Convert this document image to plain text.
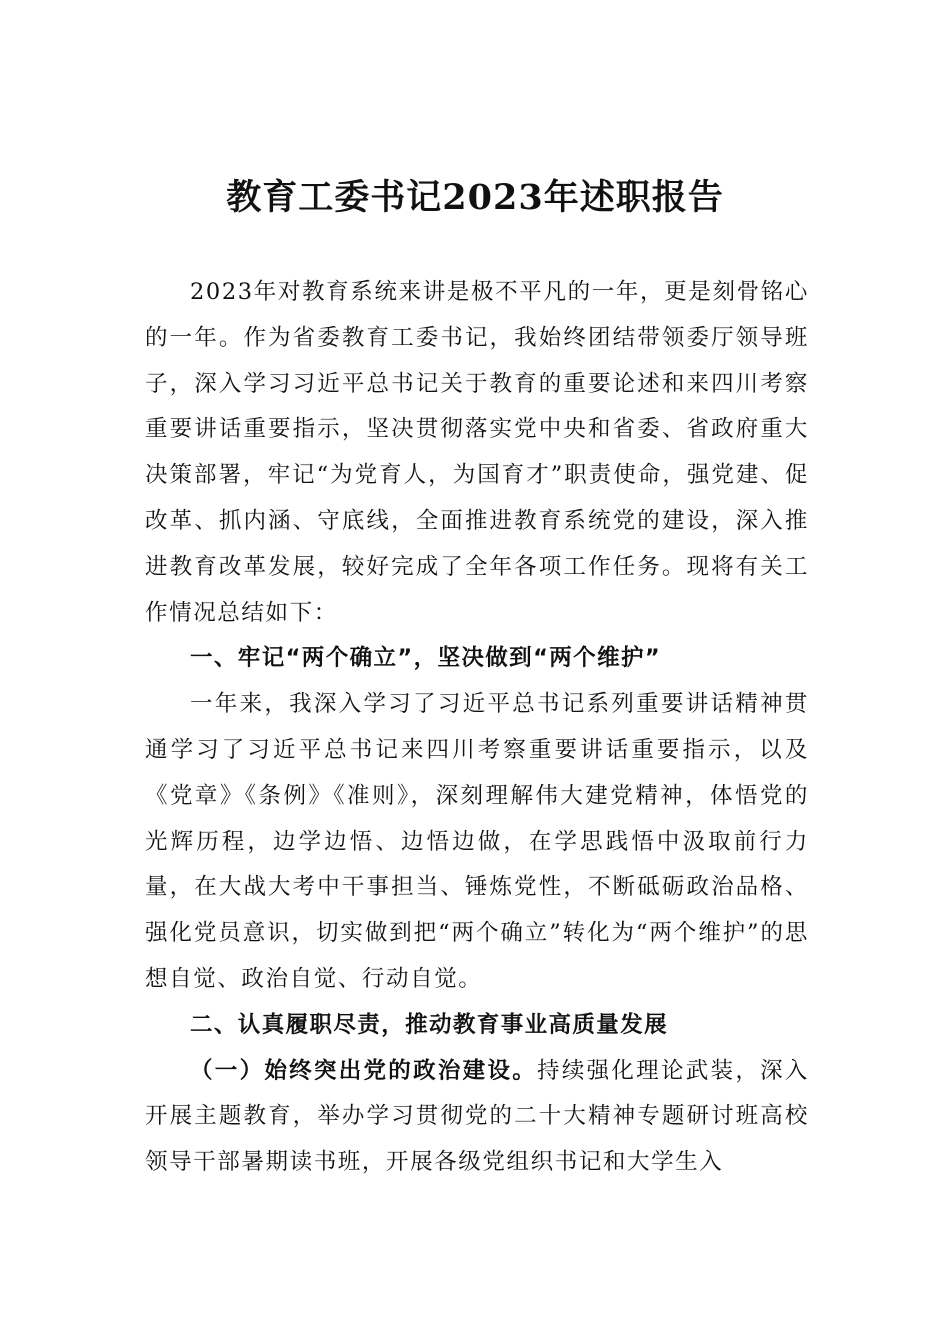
教育工委书记2023年述职报告

2023年对教育系统来讲是极不平凡的一年，更是刻骨铭心的一年。作为省委教育工委书记，我始终团结带领委厅领导班子，深入学习习近平总书记关于教育的重要论述和来四川考察重要讲话重要指示，坚决贯彻落实党中央和省委、省政府重大决策部署，牢记“为党育人，为国育才”职责使命，强党建、促改革、抓内涵、守底线，全面推进教育系统党的建设，深入推进教育改革发展，较好完成了全年各项工作任务。现将有关工作情况总结如下：

一、牢记“两个确立”，坚决做到“两个维护”

一年来，我深入学习了习近平总书记系列重要讲话精神贯通学习了习近平总书记来四川考察重要讲话重要指示，以及《党章》《条例》《准则》，深刻理解伟大建党精神，体悟党的光辉历程，边学边悟、边悟边做，在学思践悟中汲取前行力量，在大战大考中干事担当、锤炼党性，不断砥砺政治品格、强化党员意识，切实做到把“两个确立”转化为“两个维护”的思想自觉、政治自觉、行动自觉。

二、认真履职尽责，推动教育事业高质量发展

（一）始终突出党的政治建设。持续强化理论武装，深入开展主题教育，举办学习贯彻党的二十大精神专题研讨班高校领导干部暑期读书班，开展各级党组织书记和大学生入
